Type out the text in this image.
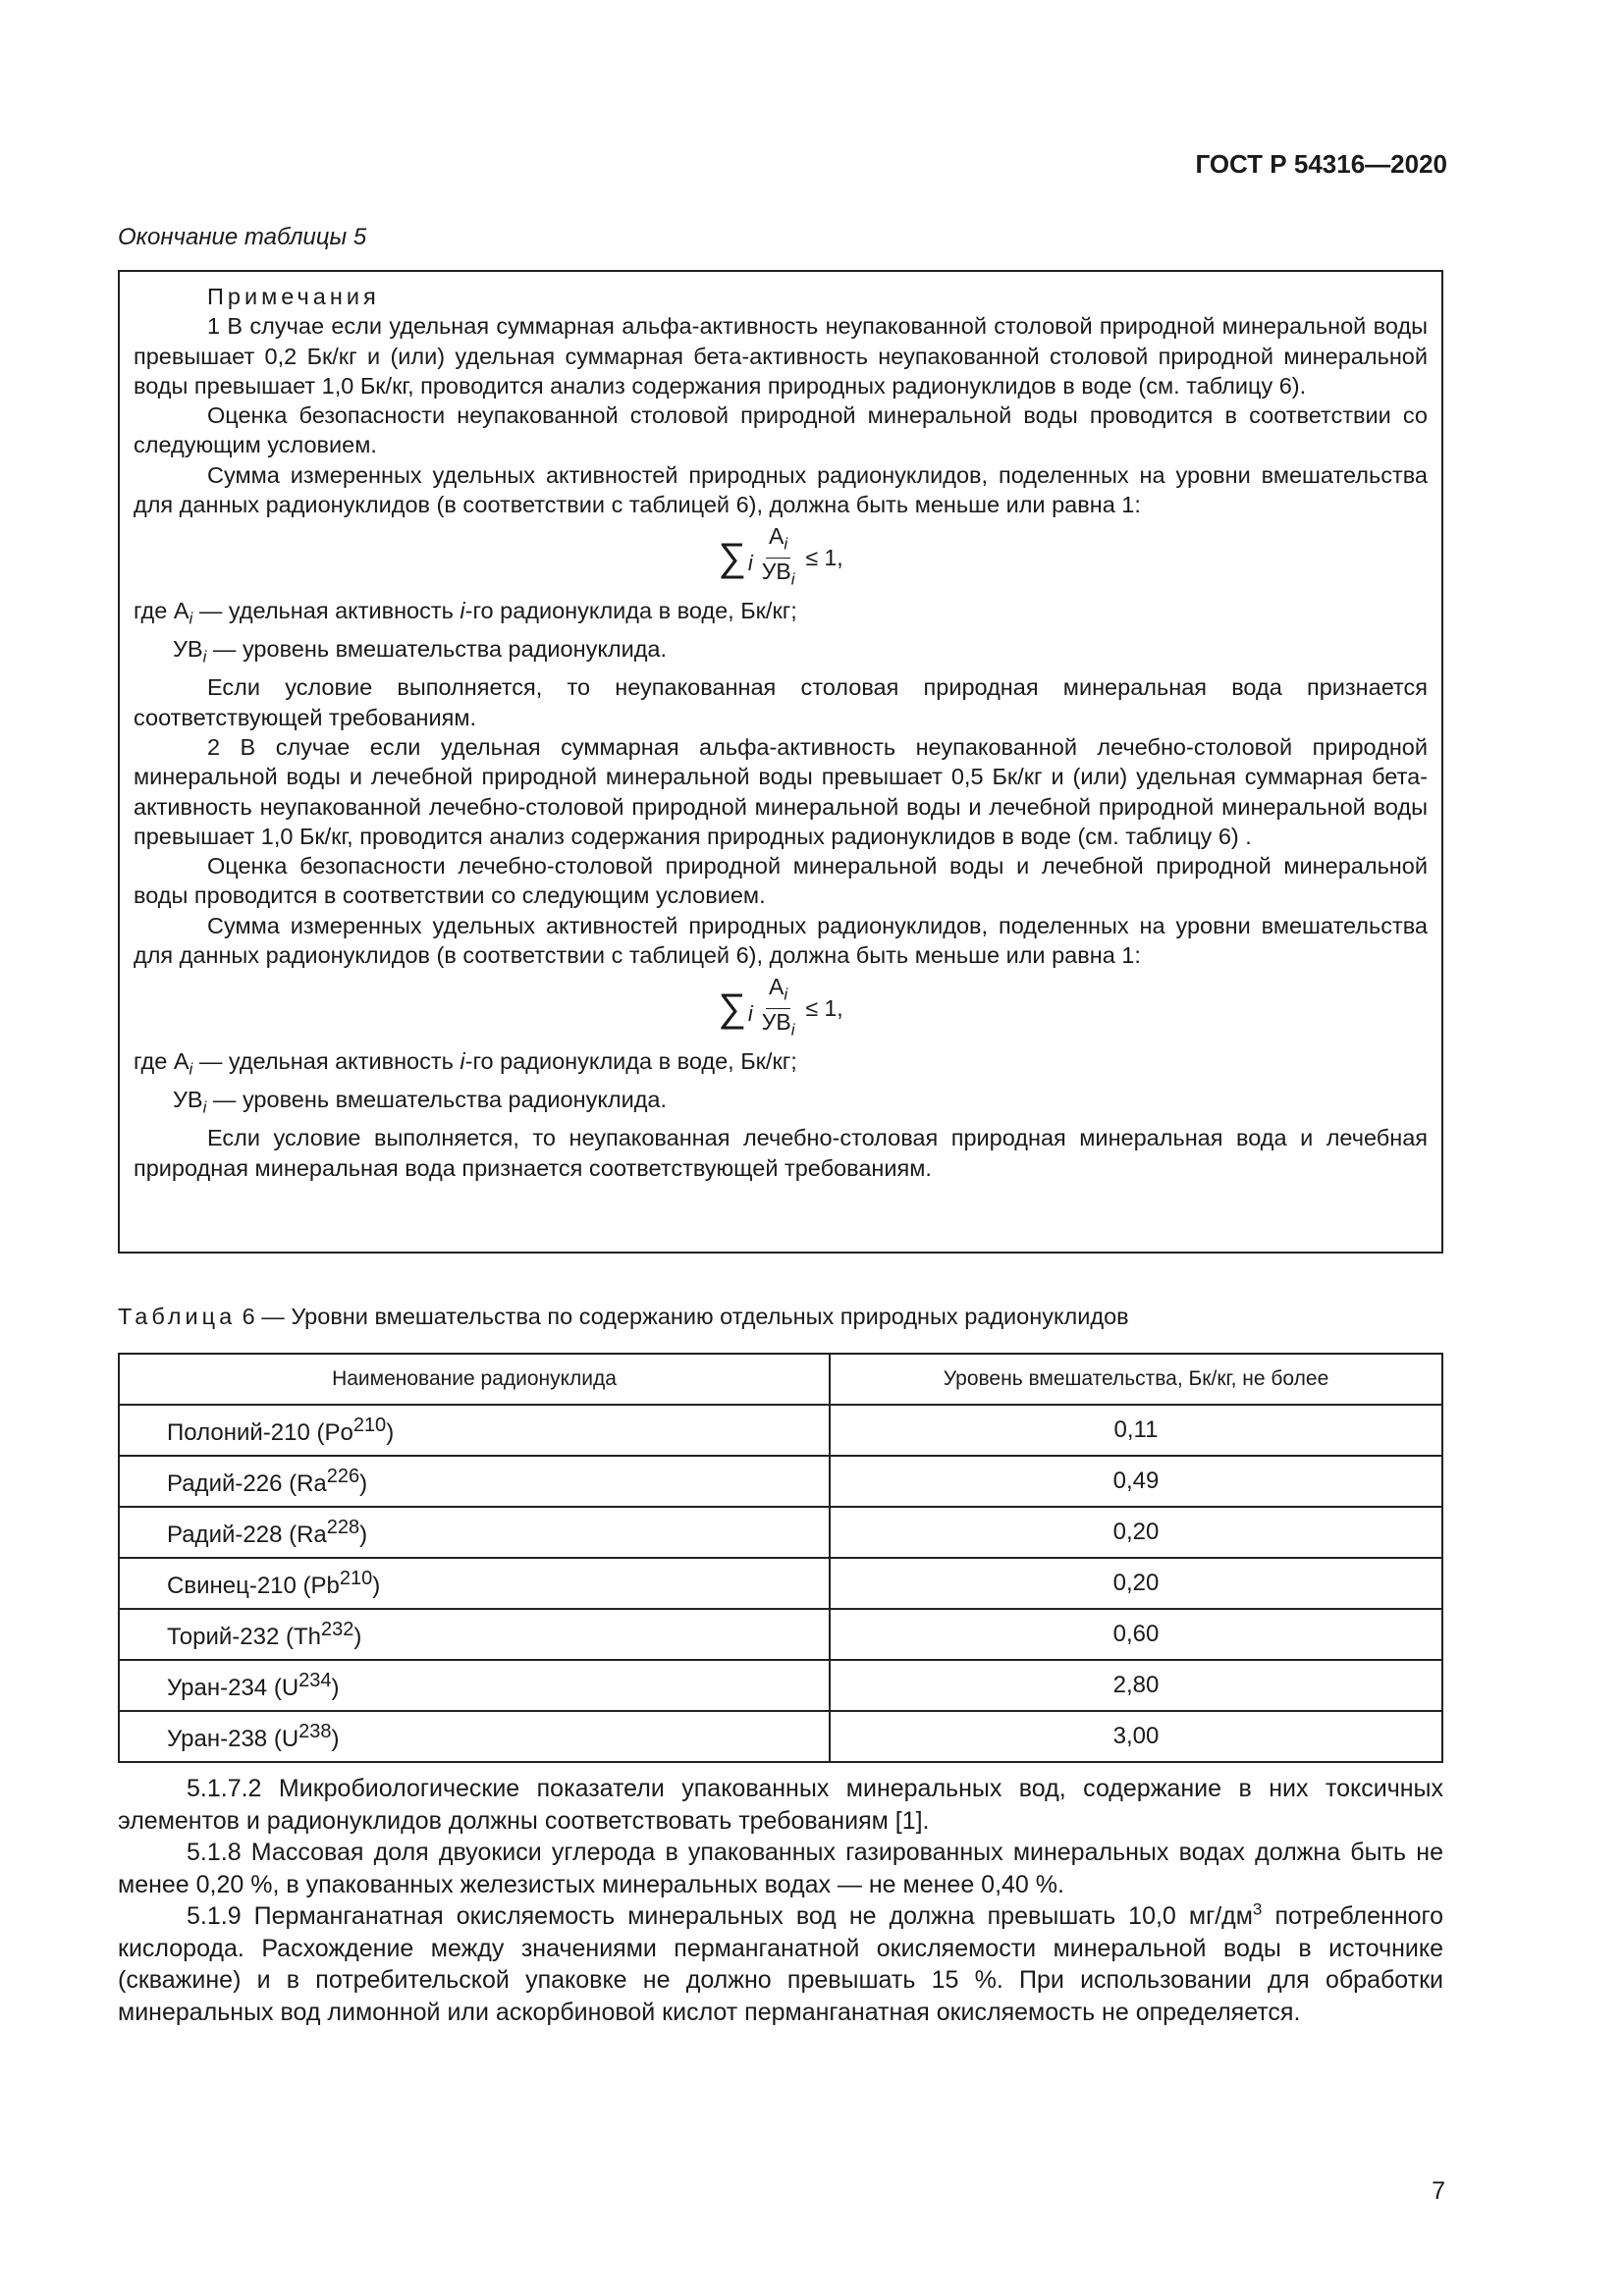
ГОСТ Р 54316—2020
Окончание таблицы 5

Примечания

1 В случае если удельная суммарная альфа-активность неупакованной столовой природной минеральной воды превышает 0,2 Бк/кг и (или) удельная суммарная бета-активность неупакованной столовой природной минеральной воды превышает 1,0 Бк/кг, проводится анализ содержания природных радионуклидов в воде (см. таблицу 6).

Оценка безопасности неупакованной столовой природной минеральной воды проводится в соответствии со следующим условием.

Сумма измеренных удельных активностей природных радионуклидов, поделенных на уровни вмешательства для данных радионуклидов (в соответствии с таблицей 6), должна быть меньше или равна 1:

∑ i $\frac{A_i}{УВ_i} \le 1$,

где $A_i$ — удельная активность i-го радионуклида в воде, Бк/кг;

$УВ_i$ — уровень вмешательства радионуклида.

Если условие выполняется, то неупакованная столовая природная минеральная вода признается соответствующей требованиям.

2 В случае если удельная суммарная альфа-активность неупакованной лечебно-столовой природной минеральной воды и лечебной природной минеральной воды превышает 0,5 Бк/кг и (или) удельная суммарная бета-активность неупакованной лечебно-столовой природной минеральной воды и лечебной природной минеральной воды превышает 1,0 Бк/кг, проводится анализ содержания природных радионуклидов в воде (см. таблицу 6) .

Оценка безопасности лечебно-столовой природной минеральной воды и лечебной природной минеральной воды проводится в соответствии со следующим условием.

Сумма измеренных удельных активностей природных радионуклидов, поделенных на уровни вмешательства для данных радионуклидов (в соответствии с таблицей 6), должна быть меньше или равна 1:

∑ i $\frac{A_i}{УВ_i} \le 1$,

где $A_i$ — удельная активность i-го радионуклида в воде, Бк/кг;

$УВ_i$ — уровень вмешательства радионуклида.

Если условие выполняется, то неупакованная лечебно-столовая природная минеральная вода и лечебная природная минеральная вода признается соответствующей требованиям.

Таблица 6 — Уровни вмешательства по содержанию отдельных природных радионуклидов
Наименование радионуклида	Уровень вмешательства, Бк/кг, не более
Полоний-210 (Po$^{210}$)	0,11
Радий-226 (Ra$^{226}$)	0,49
Радий-228 (Ra$^{228}$)	0,20
Свинец-210 (Pb$^{210}$)	0,20
Торий-232 (Th$^{232}$)	0,60
Уран-234 $(U^{234})$	2,80
Уран-238 $(U^{238})$	3,00

5.1.7.2 Микробиологические показатели упакованных минеральных вод, содержание в них токсичных элементов и радионуклидов должны соответствовать требованиям [1].

5.1.8 Массовая доля двуокиси углерода в упакованных газированных минеральных водах должна быть не менее 0,20 %, в упакованных железистых минеральных водах — не менее 0,40 %.

5.1.9 Перманганатная окисляемость минеральных вод не должна превышать 10,0 $мг/дм^3$ потребленного кислорода. Расхождение между значениями перманганатной окисляемости минеральной воды в источнике (скважине) и в потребительской упаковке не должно превышать 15 %. При использовании для обработки минеральных вод лимонной или аскорбиновой кислот перманганатная окисляемость не определяется.

7
